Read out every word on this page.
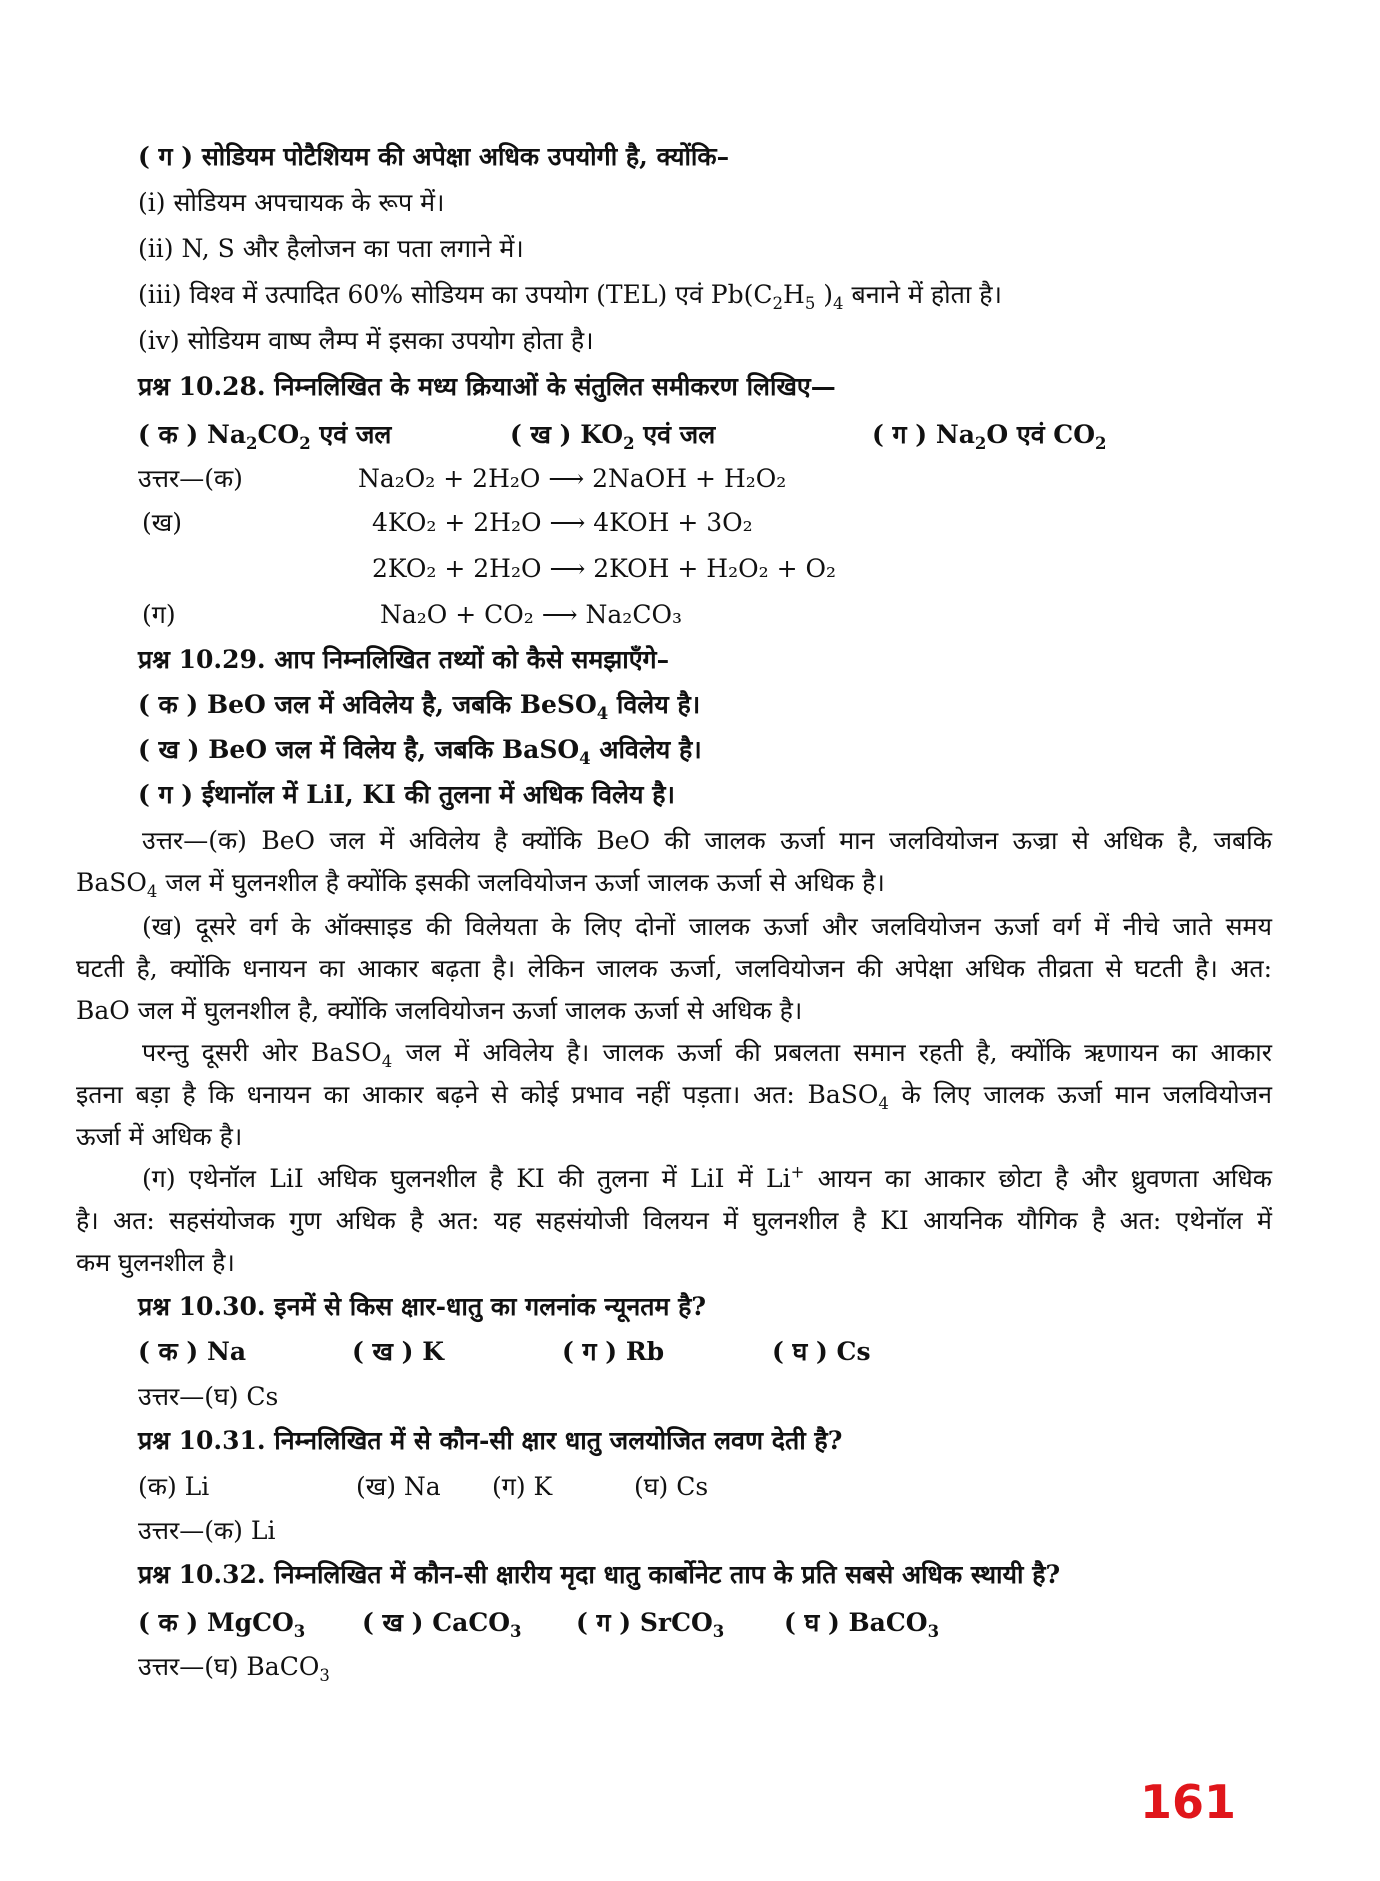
( ग ) सोडियम पोटैशियम की अपेक्षा अधिक उपयोगी है, क्योंकि–
(i) सोडियम अपचायक के रूप में।
(ii) N, S और हैलोजन का पता लगाने में।
(iii) विश्व में उत्पादित 60% सोडियम का उपयोग (TEL) एवं $Pb(C_2H_5$ )$_4$ बनाने में होता है।
(iv) सोडियम वाष्प लैम्प में इसका उपयोग होता है।
प्रश्न 10.28. निम्नलिखित के मध्य क्रियाओं के संतुलित समीकरण लिखिए—
( क ) $Na_2CO_2$ एवं जल	( ख ) $KO_2$ एवं जल	( ग ) $Na_2O$ एवं $CO_2$
उत्तर—(क)	Na₂O₂ + 2H₂O ⟶ 2NaOH + H₂O₂
(ख)	4KO₂ + 2H₂O ⟶ 4KOH + 3O₂
2KO₂ + 2H₂O ⟶ 2KOH + H₂O₂ + O₂
(ग)	Na₂O + CO₂ ⟶ Na₂CO₃
प्रश्न 10.29. आप निम्नलिखित तथ्यों को कैसे समझाएँगे–
( क ) BeO जल में अविलेय है, जबकि BeSO$_4$ विलेय है।
( ख ) BeO जल में विलेय है, जबकि BaSO$_4$ अविलेय है।
( ग ) ईथानॉल में LiI, KI की तुलना में अधिक विलेय है।
उत्तर—(क) BeO जल में अविलेय है क्योंकि BeO की जालक ऊर्जा मान जलवियोजन ऊज्रा से अधिक है, जबकि
BaSO$_4$ जल में घुलनशील है क्योंकि इसकी जलवियोजन ऊर्जा जालक ऊर्जा से अधिक है।
(ख) दूसरे वर्ग के ऑक्साइड की विलेयता के लिए दोनों जालक ऊर्जा और जलवियोजन ऊर्जा वर्ग में नीचे जाते समय
घटती है, क्योंकि धनायन का आकार बढ़ता है। लेकिन जालक ऊर्जा, जलवियोजन की अपेक्षा अधिक तीव्रता से घटती है। अत:
BaO जल में घुलनशील है, क्योंकि जलवियोजन ऊर्जा जालक ऊर्जा से अधिक है।
परन्तु दूसरी ओर BaSO$_4$ जल में अविलेय है। जालक ऊर्जा की प्रबलता समान रहती है, क्योंकि ऋणायन का आकार
इतना बड़ा है कि धनायन का आकार बढ़ने से कोई प्रभाव नहीं पड़ता। अत: BaSO$_4$ के लिए जालक ऊर्जा मान जलवियोजन
ऊर्जा में अधिक है।
(ग) एथेनॉल LiI अधिक घुलनशील है KI की तुलना में LiI में Li+ आयन का आकार छोटा है और ध्रुवणता अधिक
है। अत: सहसंयोजक गुण अधिक है अत: यह सहसंयोजी विलयन में घुलनशील है KI आयनिक यौगिक है अत: एथेनॉल में
कम घुलनशील है।
प्रश्न 10.30. इनमें से किस क्षार-धातु का गलनांक न्यूनतम है?
( क ) Na	( ख ) K	( ग ) Rb	( घ ) Cs
उत्तर—(घ) Cs
प्रश्न 10.31. निम्नलिखित में से कौन-सी क्षार धातु जलयोजित लवण देती है?
(क) Li	(ख) Na (ग) K	(घ) Cs
उत्तर—(क) Li
प्रश्न 10.32. निम्नलिखित में कौन-सी क्षारीय मृदा धातु कार्बोनेट ताप के प्रति सबसे अधिक स्थायी है?
( क ) MgCO$_3$ ( ख ) CaCO$_3$ ( ग ) SrCO$_3$ ( घ ) BaCO$_3$
उत्तर—(घ) BaCO$_3$
161
